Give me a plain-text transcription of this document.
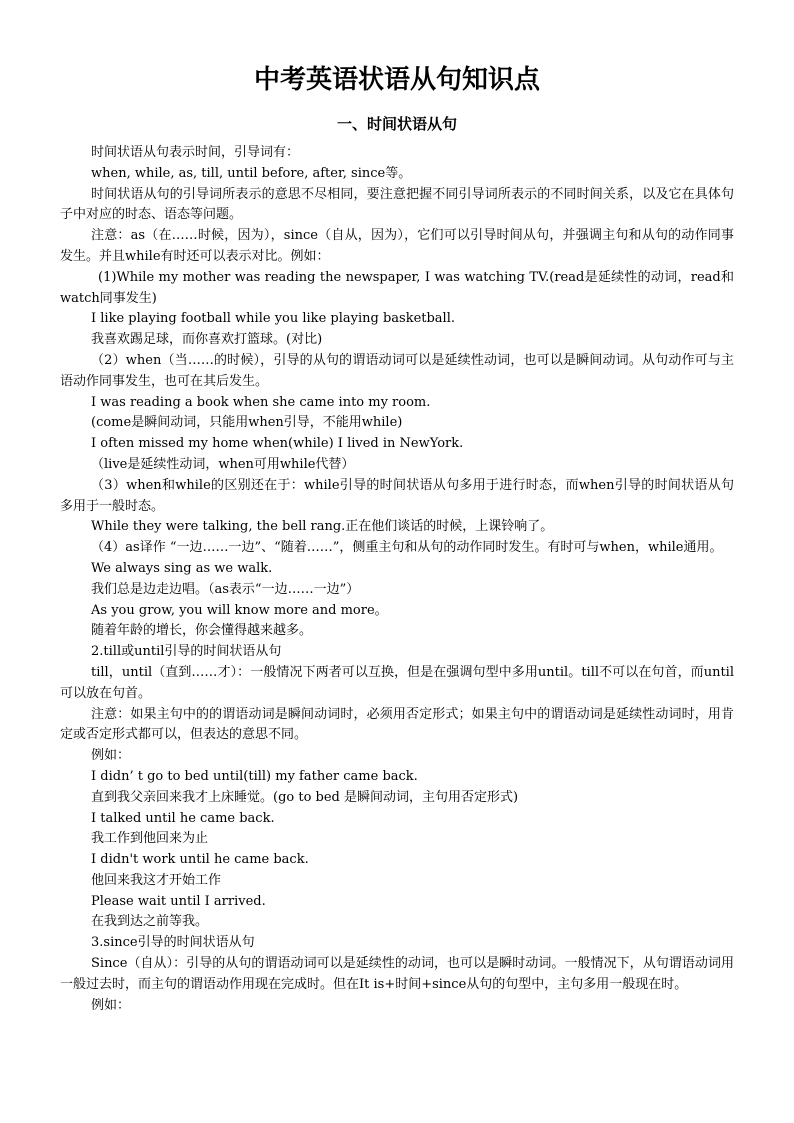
中考英语状语从句知识点
一、时间状语从句

时间状语从句表示时间，引导词有：

when, while, as, till, until before, after, since等。

时间状语从句的引导词所表示的意思不尽相同，要注意把握不同引导词所表示的不同时间关系，以及它在具体句子中对应的时态、语态等问题。

注意：as（在……时候，因为），since（自从，因为），它们可以引导时间从句，并强调主句和从句的动作同事发生。并且while有时还可以表示对比。例如：

(1)While my mother was reading the newspaper, I was watching TV.(read是延续性的动词，read和watch同事发生)

I like playing football while you like playing basketball.

我喜欢踢足球，而你喜欢打篮球。(对比)

（2）when（当……的时候），引导的从句的谓语动词可以是延续性动词，也可以是瞬间动词。从句动作可与主语动作同事发生，也可在其后发生。

I was reading a book when she came into my room.

(come是瞬间动词，只能用when引导，不能用while)

I often missed my home when(while) I lived in NewYork.

（live是延续性动词，when可用while代替）

（3）when和while的区别还在于：while引导的时间状语从句多用于进行时态，而when引导的时间状语从句多用于一般时态。

While they were talking, the bell rang.正在他们谈话的时候，上课铃响了。

（4）as译作 “一边……一边”、“随着……”，侧重主句和从句的动作同时发生。有时可与when，while通用。

We always sing as we walk.

我们总是边走边唱。（as表示“一边……一边”）

As you grow, you will know more and more。

随着年龄的增长，你会懂得越来越多。

2.till或until引导的时间状语从句

till，until（直到……才）：一般情况下两者可以互换，但是在强调句型中多用until。till不可以在句首，而until可以放在句首。

注意：如果主句中的的谓语动词是瞬间动词时，必须用否定形式；如果主句中的谓语动词是延续性动词时，用肯定或否定形式都可以，但表达的意思不同。

例如：

I didn’ t go to bed until(till) my father came back.

直到我父亲回来我才上床睡觉。(go to bed 是瞬间动词，主句用否定形式)

I talked until he came back.

我工作到他回来为止

I didn't work until he came back.

他回来我这才开始工作

Please wait until I arrived.

在我到达之前等我。

3.since引导的时间状语从句

Since（自从）：引导的从句的谓语动词可以是延续性的动词，也可以是瞬时动词。一般情况下，从句谓语动词用一般过去时，而主句的谓语动作用现在完成时。但在It is+时间+since从句的句型中，主句多用一般现在时。

例如：
